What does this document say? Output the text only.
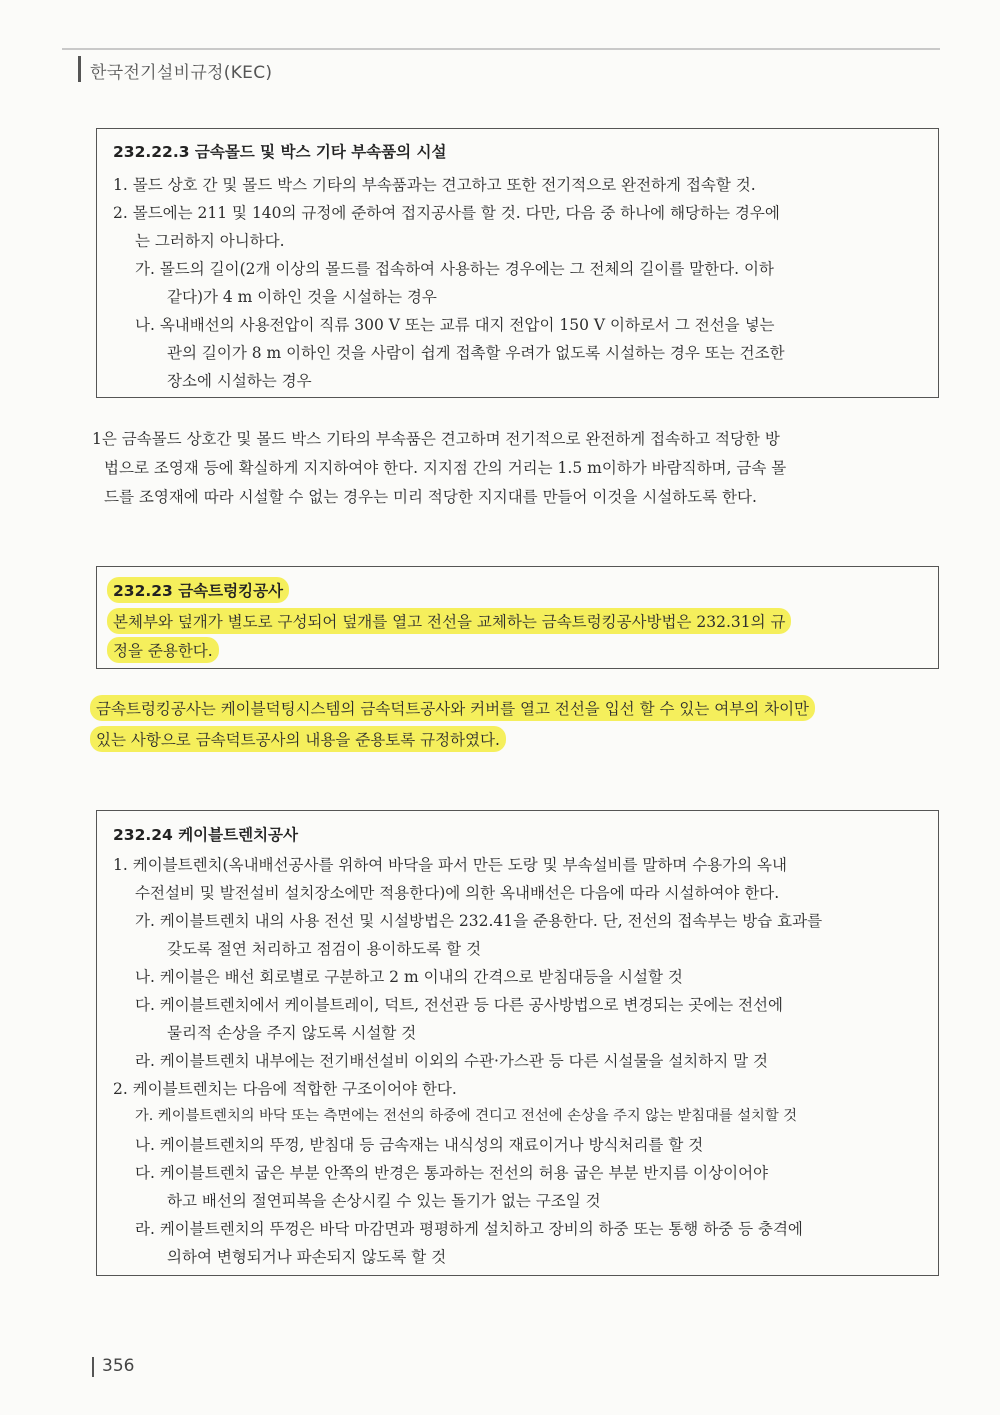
한국전기설비규정(KEC)
232.22.3 금속몰드 및 박스 기타 부속품의 시설
1. 몰드 상호 간 및 몰드 박스 기타의 부속품과는 견고하고 또한 전기적으로 완전하게 접속할 것.
2. 몰드에는 211 및 140의 규정에 준하여 접지공사를 할 것. 다만, 다음 중 하나에 해당하는 경우에
는 그러하지 아니하다.
가. 몰드의 길이(2개 이상의 몰드를 접속하여 사용하는 경우에는 그 전체의 길이를 말한다. 이하
같다)가 4 m 이하인 것을 시설하는 경우
나. 옥내배선의 사용전압이 직류 300 V 또는 교류 대지 전압이 150 V 이하로서 그 전선을 넣는
관의 길이가 8 m 이하인 것을 사람이 쉽게 접촉할 우려가 없도록 시설하는 경우 또는 건조한
장소에 시설하는 경우
1은 금속몰드 상호간 및 몰드 박스 기타의 부속품은 견고하며 전기적으로 완전하게 접속하고 적당한 방
법으로 조영재 등에 확실하게 지지하여야 한다. 지지점 간의 거리는 1.5 m이하가 바람직하며, 금속 몰
드를 조영재에 따라 시설할 수 없는 경우는 미리 적당한 지지대를 만들어 이것을 시설하도록 한다.
232.23 금속트렁킹공사
본체부와 덮개가 별도로 구성되어 덮개를 열고 전선을 교체하는 금속트렁킹공사방법은 232.31의 규
정을 준용한다.
금속트렁킹공사는 케이블덕팅시스템의 금속덕트공사와 커버를 열고 전선을 입선 할 수 있는 여부의 차이만
있는 사항으로 금속덕트공사의 내용을 준용토록 규정하였다.
232.24 케이블트렌치공사
1. 케이블트렌치(옥내배선공사를 위하여 바닥을 파서 만든 도랑 및 부속설비를 말하며 수용가의 옥내
수전설비 및 발전설비 설치장소에만 적용한다)에 의한 옥내배선은 다음에 따라 시설하여야 한다.
가. 케이블트렌치 내의 사용 전선 및 시설방법은 232.41을 준용한다. 단, 전선의 접속부는 방습 효과를
갖도록 절연 처리하고 점검이 용이하도록 할 것
나. 케이블은 배선 회로별로 구분하고 2 m 이내의 간격으로 받침대등을 시설할 것
다. 케이블트렌치에서 케이블트레이, 덕트, 전선관 등 다른 공사방법으로 변경되는 곳에는 전선에
물리적 손상을 주지 않도록 시설할 것
라. 케이블트렌치 내부에는 전기배선설비 이외의 수관·가스관 등 다른 시설물을 설치하지 말 것
2. 케이블트렌치는 다음에 적합한 구조이어야 한다.
가. 케이블트렌치의 바닥 또는 측면에는 전선의 하중에 견디고 전선에 손상을 주지 않는 받침대를 설치할 것
나. 케이블트렌치의 뚜껑, 받침대 등 금속재는 내식성의 재료이거나 방식처리를 할 것
다. 케이블트렌치 굽은 부분 안쪽의 반경은 통과하는 전선의 허용 굽은 부분 반지름 이상이어야
하고 배선의 절연피복을 손상시킬 수 있는 돌기가 없는 구조일 것
라. 케이블트렌치의 뚜껑은 바닥 마감면과 평평하게 설치하고 장비의 하중 또는 통행 하중 등 충격에
의하여 변형되거나 파손되지 않도록 할 것
356
